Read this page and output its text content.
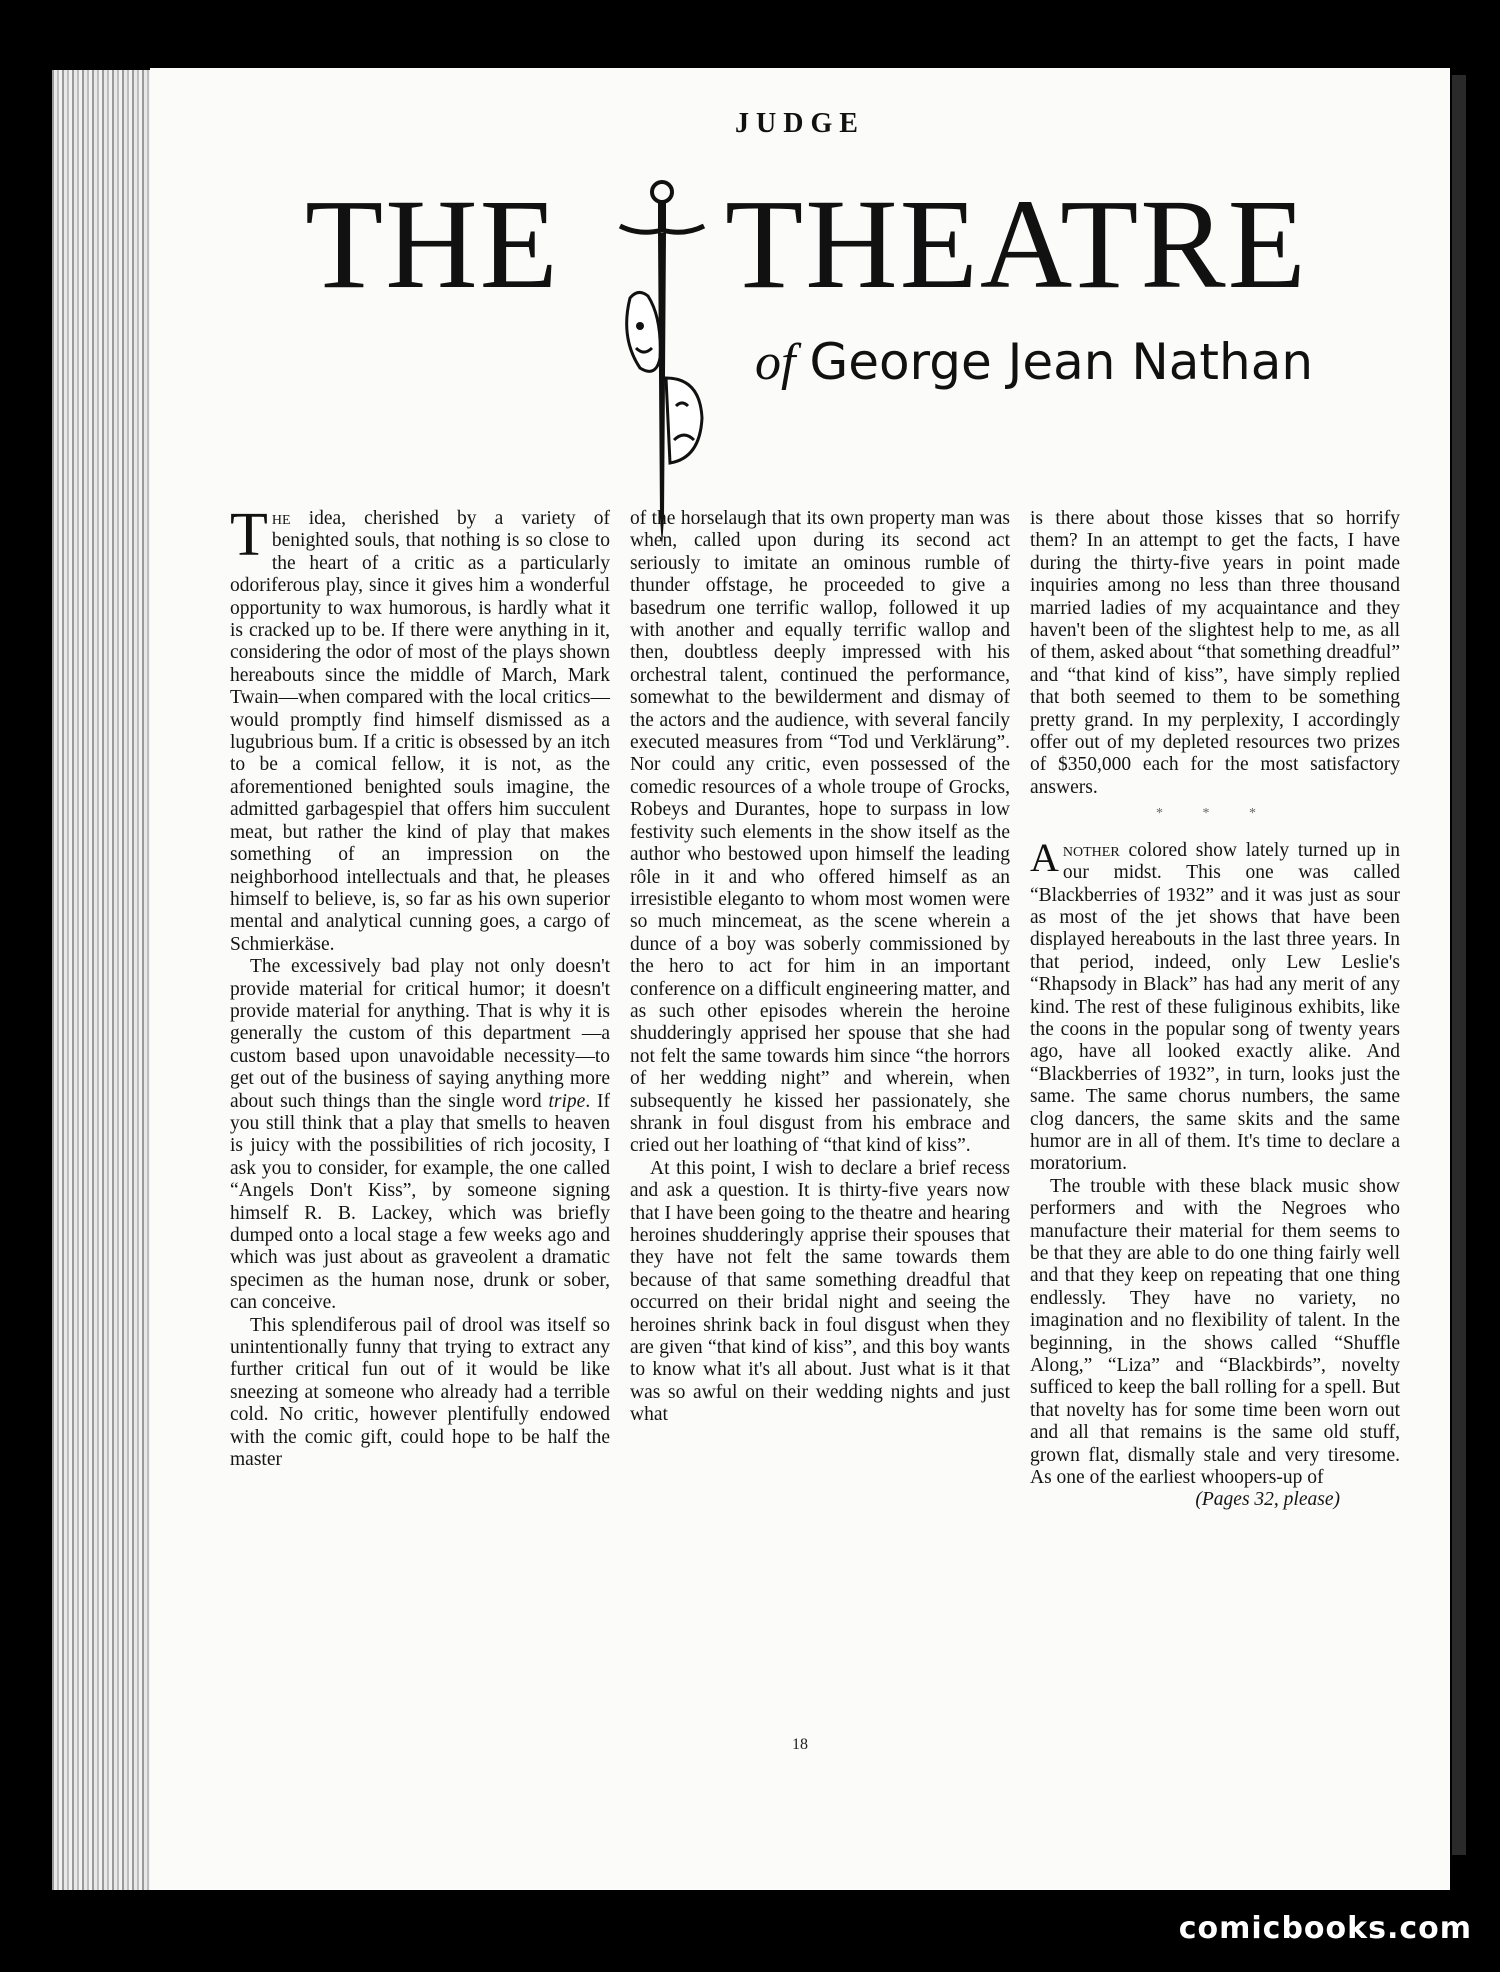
JUDGE
THE THEATRE
of George Jean Nathan

The idea, cherished by a variety of benighted souls, that nothing is so close to the heart of a critic as a particularly odoriferous play, since it gives him a wonderful opportunity to wax humorous, is hardly what it is cracked up to be. If there were anything in it, considering the odor of most of the plays shown hereabouts since the middle of March, Mark Twain—when compared with the local critics—would promptly find himself dismissed as a lugubrious bum. If a critic is obsessed by an itch to be a comical fellow, it is not, as the aforementioned benighted souls imagine, the admitted garbagespiel that offers him succulent meat, but rather the kind of play that makes something of an impression on the neighborhood intellectuals and that, he pleases himself to believe, is, so far as his own superior mental and analytical cunning goes, a cargo of Schmierkäse.

The excessively bad play not only doesn't provide material for critical humor; it doesn't provide material for anything. That is why it is generally the custom of this department —a custom based upon unavoidable necessity—to get out of the business of saying anything more about such things than the single word tripe. If you still think that a play that smells to heaven is juicy with the possibilities of rich jocosity, I ask you to consider, for example, the one called “Angels Don't Kiss”, by someone signing himself R. B. Lackey, which was briefly dumped onto a local stage a few weeks ago and which was just about as graveolent a dramatic specimen as the human nose, drunk or sober, can conceive.

This splendiferous pail of drool was itself so unintentionally funny that trying to extract any further critical fun out of it would be like sneezing at someone who already had a terrible cold. No critic, however plentifully endowed with the comic gift, could hope to be half the master

of the horselaugh that its own property man was when, called upon during its second act seriously to imitate an ominous rumble of thunder offstage, he proceeded to give a basedrum one terrific wallop, followed it up with another and equally terrific wallop and then, doubtless deeply impressed with his orchestral talent, continued the performance, somewhat to the bewilderment and dismay of the actors and the audience, with several fancily executed measures from “Tod und Verklärung”. Nor could any critic, even possessed of the comedic resources of a whole troupe of Grocks, Robeys and Durantes, hope to surpass in low festivity such elements in the show itself as the author who bestowed upon himself the leading rôle in it and who offered himself as an irresistible eleganto to whom most women were so much mincemeat, as the scene wherein a dunce of a boy was soberly commissioned by the hero to act for him in an important conference on a difficult engineering matter, and as such other episodes wherein the heroine shudderingly apprised her spouse that she had not felt the same towards him since “the horrors of her wedding night” and wherein, when subsequently he kissed her passionately, she shrank in foul disgust from his embrace and cried out her loathing of “that kind of kiss”.

At this point, I wish to declare a brief recess and ask a question. It is thirty-five years now that I have been going to the theatre and hearing heroines shudderingly apprise their spouses that they have not felt the same towards them because of that same something dreadful that occurred on their bridal night and seeing the heroines shrink back in foul disgust when they are given “that kind of kiss”, and this boy wants to know what it's all about. Just what is it that was so awful on their wedding nights and just what

is there about those kisses that so horrify them? In an attempt to get the facts, I have during the thirty-five years in point made inquiries among no less than three thousand married ladies of my acquaintance and they haven't been of the slightest help to me, as all of them, asked about “that something dreadful” and “that kind of kiss”, have simply replied that both seemed to them to be something pretty grand. In my perplexity, I accordingly offer out of my depleted resources two prizes of $350,000 each for the most satisfactory answers.

* * *

Another colored show lately turned up in our midst. This one was called “Blackberries of 1932” and it was just as sour as most of the jet shows that have been displayed hereabouts in the last three years. In that period, indeed, only Lew Leslie's “Rhapsody in Black” has had any merit of any kind. The rest of these fuliginous exhibits, like the coons in the popular song of twenty years ago, have all looked exactly alike. And “Blackberries of 1932”, in turn, looks just the same. The same chorus numbers, the same clog dancers, the same skits and the same humor are in all of them. It's time to declare a moratorium.

The trouble with these black music show performers and with the Negroes who manufacture their material for them seems to be that they are able to do one thing fairly well and that they keep on repeating that one thing endlessly. They have no variety, no imagination and no flexibility of talent. In the beginning, in the shows called “Shuffle Along,” “Liza” and “Blackbirds”, novelty sufficed to keep the ball rolling for a spell. But that novelty has for some time been worn out and all that remains is the same old stuff, grown flat, dismally stale and very tiresome. As one of the earliest whoopers-up of

(Pages 32, please)
18
comicbooks.com
